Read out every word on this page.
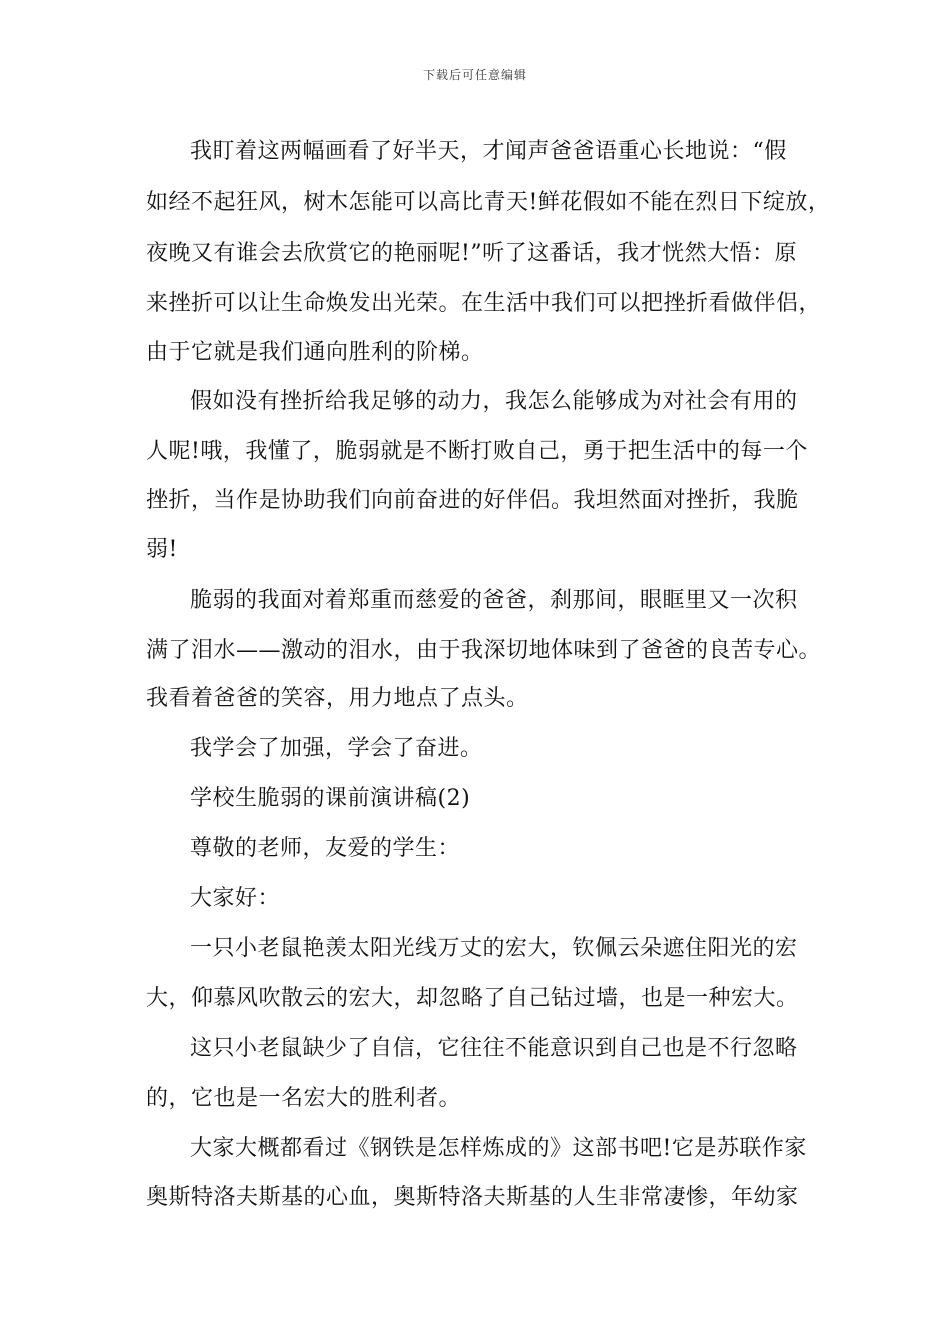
下载后可任意编辑
我盯着这两幅画看了好半天，才闻声爸爸语重心长地说：“假
如经不起狂风，树木怎能可以高比青天!鲜花假如不能在烈日下绽放，
夜晚又有谁会去欣赏它的艳丽呢!”听了这番话，我才恍然大悟：原
来挫折可以让生命焕发出光荣。在生活中我们可以把挫折看做伴侣，
由于它就是我们通向胜利的阶梯。
假如没有挫折给我足够的动力，我怎么能够成为对社会有用的
人呢!哦，我懂了，脆弱就是不断打败自己，勇于把生活中的每一个
挫折，当作是协助我们向前奋进的好伴侣。我坦然面对挫折，我脆
弱!
脆弱的我面对着郑重而慈爱的爸爸，刹那间，眼眶里又一次积
满了泪水——激动的泪水，由于我深切地体味到了爸爸的良苦专心。
我看着爸爸的笑容，用力地点了点头。
我学会了加强，学会了奋进。
学校生脆弱的课前演讲稿(2)
尊敬的老师，友爱的学生：
大家好：
一只小老鼠艳羡太阳光线万丈的宏大，钦佩云朵遮住阳光的宏
大，仰慕风吹散云的宏大，却忽略了自己钻过墙，也是一种宏大。
这只小老鼠缺少了自信，它往往不能意识到自己也是不行忽略
的，它也是一名宏大的胜利者。
大家大概都看过《钢铁是怎样炼成的》这部书吧!它是苏联作家
奥斯特洛夫斯基的心血，奥斯特洛夫斯基的人生非常凄惨，年幼家
